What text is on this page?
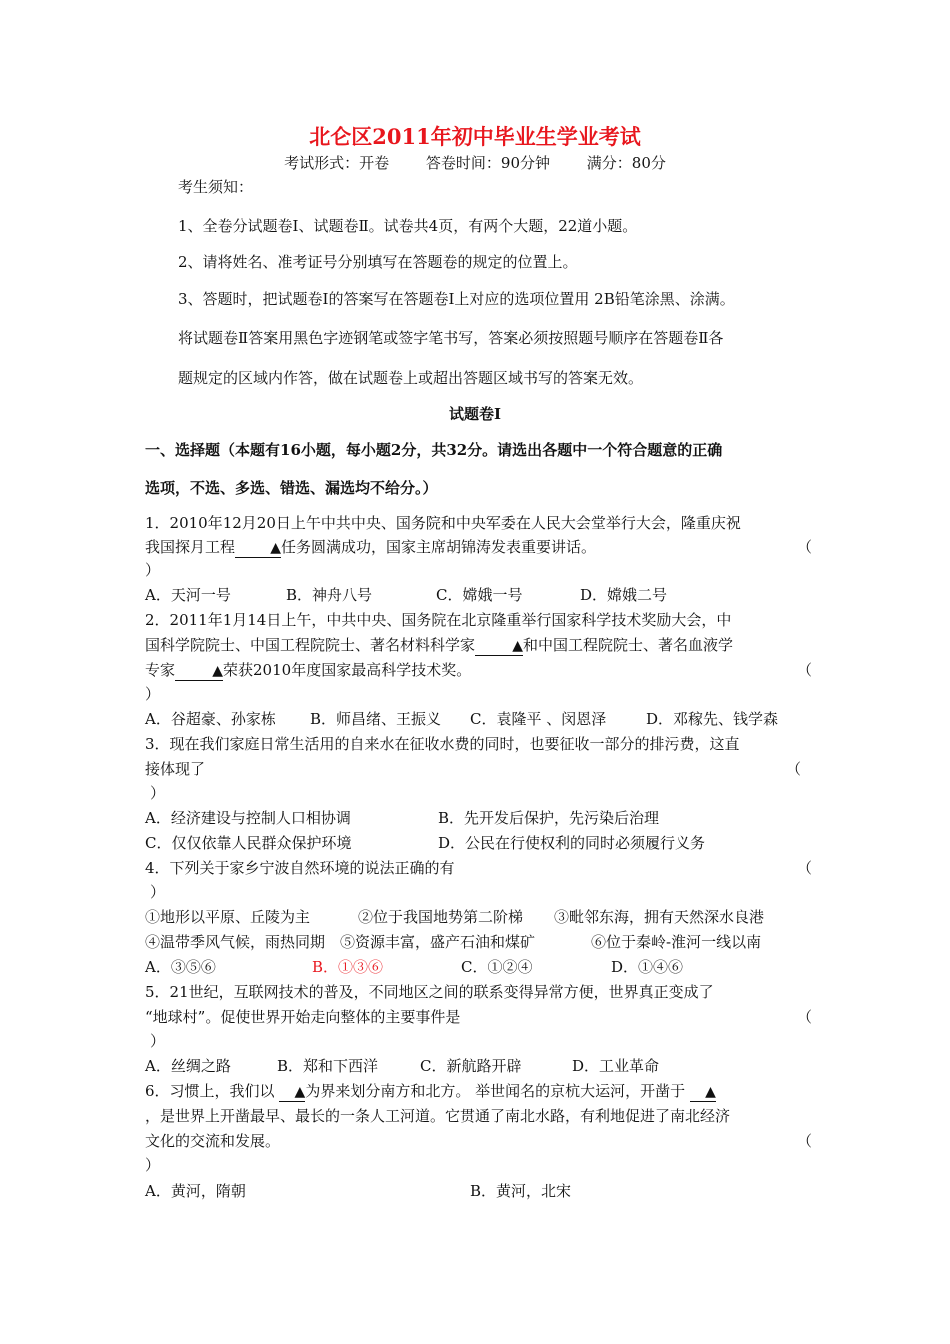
北仑区2011年初中毕业生学业考试
考试形式：开卷 答卷时间：90分钟 满分：80分
考生须知：
1、全卷分试题卷Ⅰ、试题卷Ⅱ。试卷共4页，有两个大题，22道小题。
2、请将姓名、准考证号分别填写在答题卷的规定的位置上。
3、答题时，把试题卷Ⅰ的答案写在答题卷Ⅰ上对应的选项位置用 2B铅笔涂黑、涂满。
将试题卷Ⅱ答案用黑色字迹钢笔或签字笔书写，答案必须按照题号顺序在答题卷Ⅱ各
题规定的区域内作答，做在试题卷上或超出答题区域书写的答案无效。
试题卷Ⅰ
一、选择题（本题有16小题，每小题2分，共32分。请选出各题中一个符合题意的正确
选项，不选、多选、错选、漏选均不给分。）
1．2010年12月20日上午中共中央、国务院和中央军委在人民大会堂举行大会，隆重庆祝
我国探月工程	▲任务圆满成功，国家主席胡锦涛发表重要讲话。	（
）
A．天河一号	B．神舟八号	C．嫦娥一号	D．嫦娥二号
2．2011年1月14日上午，中共中央、国务院在北京隆重举行国家科学技术奖励大会，中
国科学院院士、中国工程院院士、著名材料科学家	▲和中国工程院院士、著名血液学
专家	▲荣获2010年度国家最高科学技术奖。	（
）
A．谷超豪、孙家栋 B．师昌绪、王振义 C．袁隆平 、闵恩泽	D．邓稼先、钱学森
3．现在我们家庭日常生活用的自来水在征收水费的同时，也要征收一部分的排污费，这直
接体现了	（
）
A．经济建设与控制人口相协调	B．先开发后保护，先污染后治理
C．仅仅依靠人民群众保护环境	D．公民在行使权利的同时必须履行义务
4．下列关于家乡宁波自然环境的说法正确的有	（
）
①地形以平原、丘陵为主	②位于我国地势第二阶梯 ③毗邻东海，拥有天然深水良港
④温带季风气候，雨热同期 ⑤资源丰富，盛产石油和煤矿	⑥位于秦岭-淮河一线以南
A．③⑤⑥	B．①③⑥	C．①②④	D．①④⑥
5．21世纪，互联网技术的普及，不同地区之间的联系变得异常方便，世界真正变成了
“地球村”。促使世界开始走向整体的主要事件是	（
）
A．丝绸之路	B．郑和下西洋	C．新航路开辟	D．工业革命
6．习惯上，我们以 ▲为界来划分南方和北方。 举世闻名的京杭大运河，开凿于 ▲
，是世界上开凿最早、最长的一条人工河道。它贯通了南北水路，有利地促进了南北经济
文化的交流和发展。	（
）
A．黄河，隋朝	B．黄河，北宋
